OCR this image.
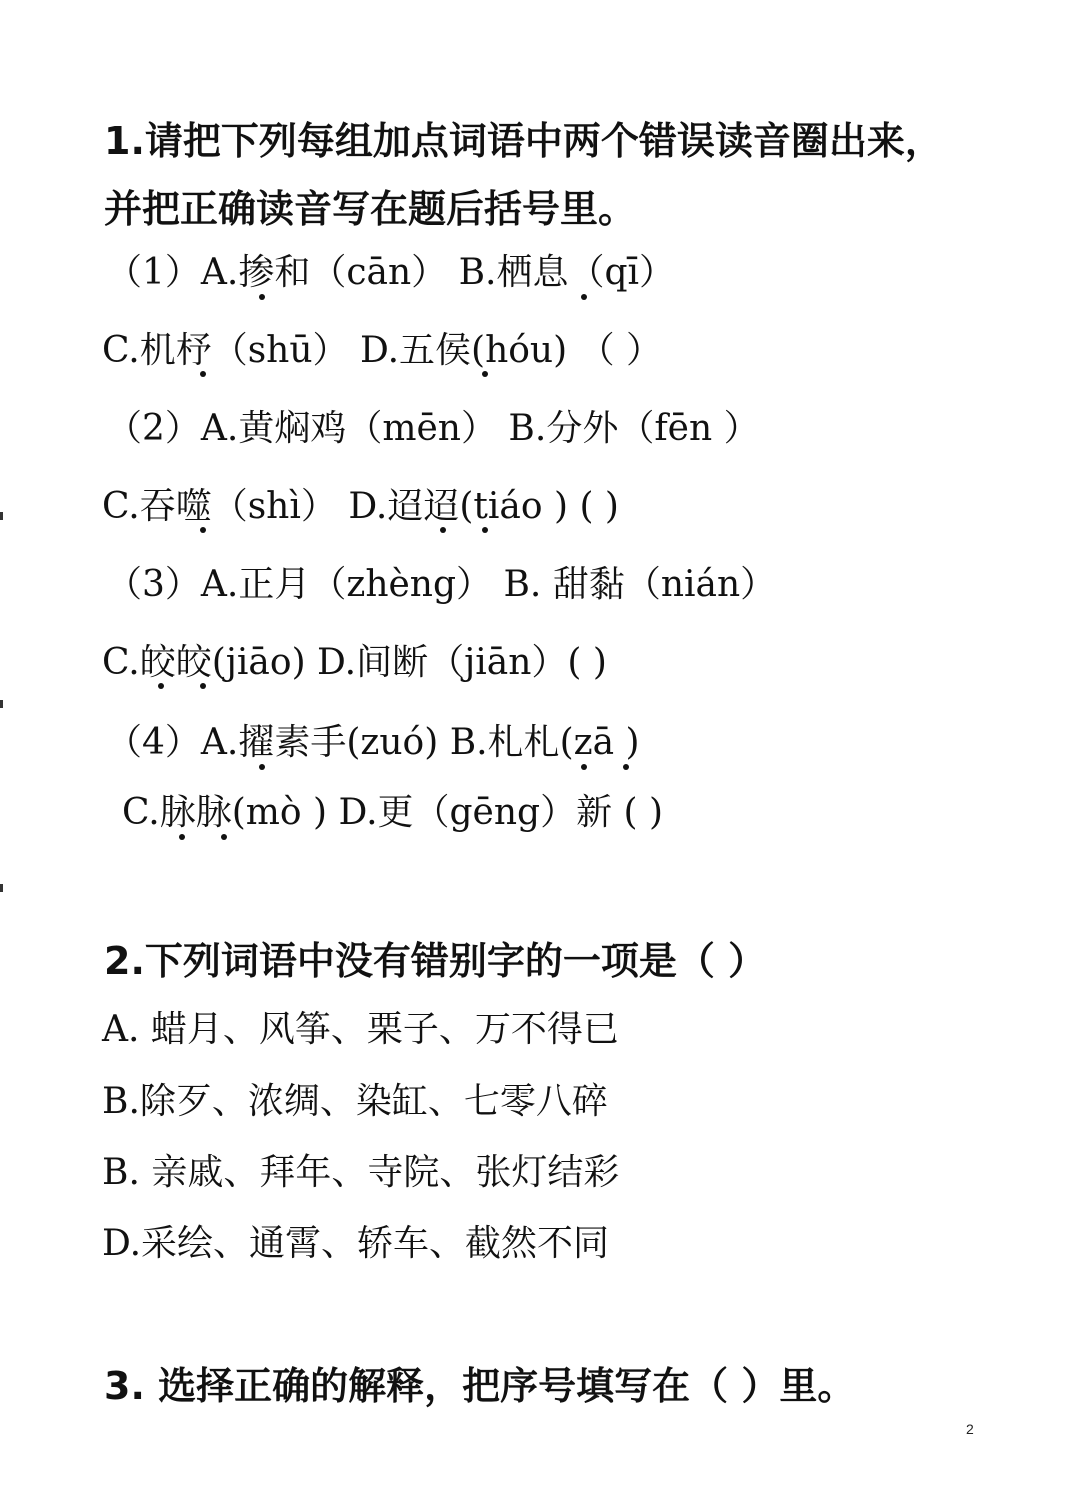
1.请把下列每组加点词语中两个错误读音圈出来，
并把正确读音写在题后括号里。
（1）A.掺和（cān） B.栖息（qī）
C.机杼（shū） D.五侯(hóu) （ ）
（2）A.黄焖鸡（mēn） B.分外（fēn ）
C.吞噬（shì） D.迢迢(tiáo ) ( )
（3）A.正月（zhèng） B. 甜黏（nián）
C.皎皎(jiāo) D.间断（jiān）( )
（4）A.擢素手(zuó) B.札札(zā )
C.脉脉(mò ) D.更（gēng）新 ( )
2.下列词语中没有错别字的一项是（ ）
A. 蜡月、风筝、栗子、万不得已
B.除歹、浓绸、染缸、七零八碎
B. 亲戚、拜年、寺院、张灯结彩
D.采绘、通霄、轿车、截然不同
3. 选择正确的解释，把序号填写在（ ）里。
2
